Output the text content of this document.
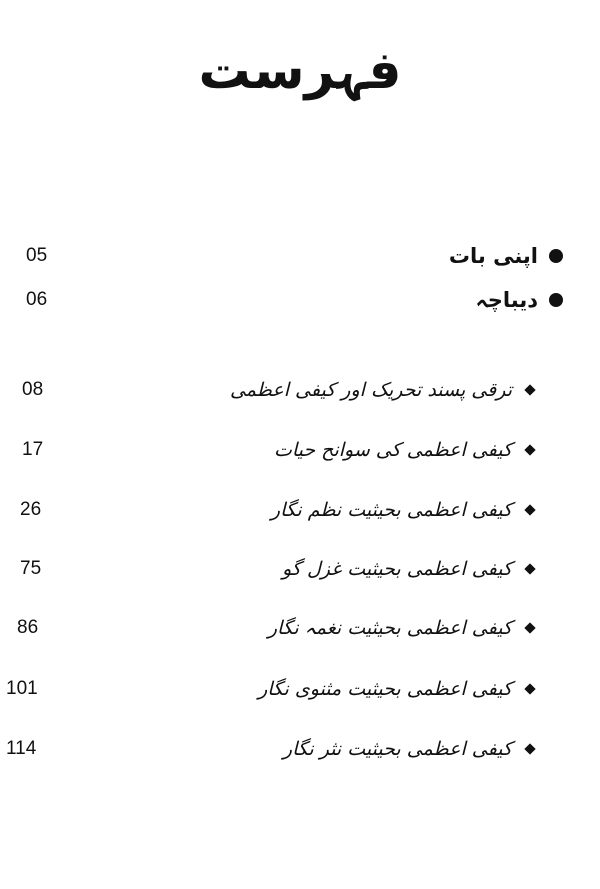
فہرست
05	اپنی بات
06	دیباچہ
08	ترقی پسند تحریک اور کیفی اعظمی
17	کیفی اعظمی کی سوانح حیات
26	کیفی اعظمی بحیثیت نظم نگار
75	کیفی اعظمی بحیثیت غزل گو
86	کیفی اعظمی بحیثیت نغمہ نگار
101	کیفی اعظمی بحیثیت مثنوی نگار
114	کیفی اعظمی بحیثیت نثر نگار
